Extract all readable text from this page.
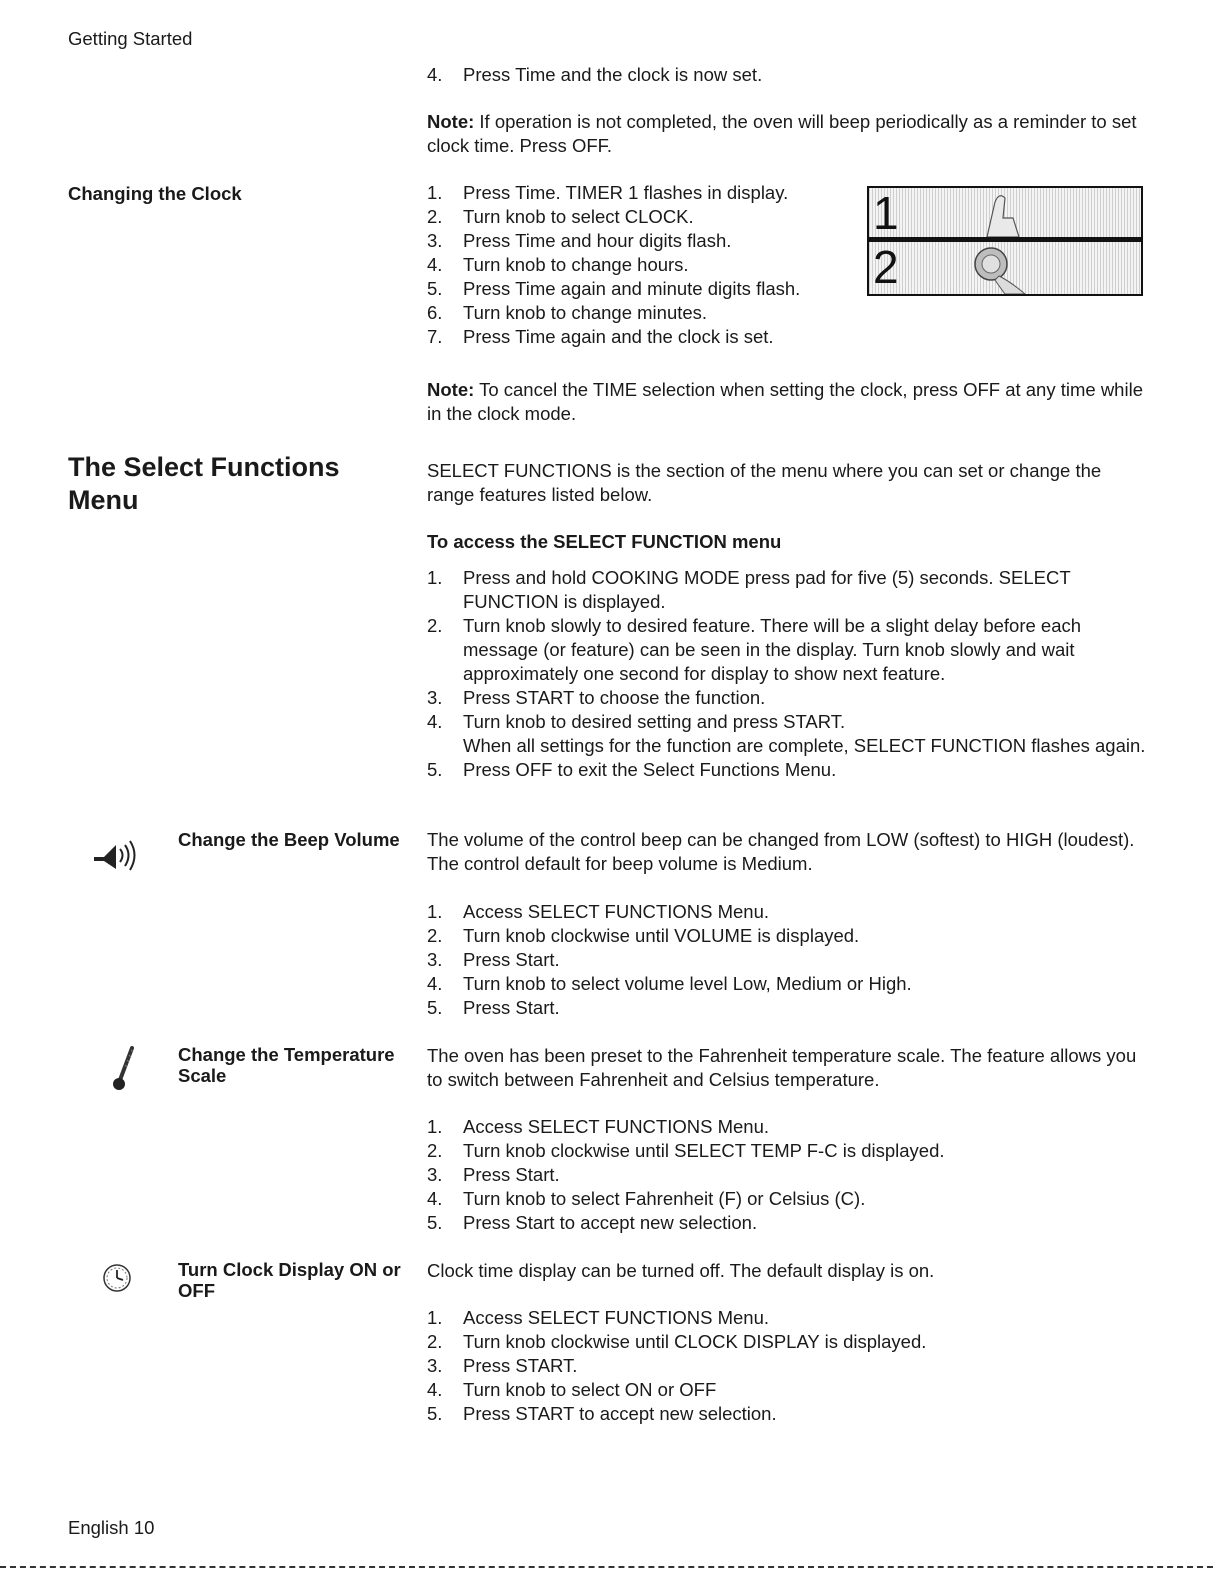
Getting Started
4. Press Time and the clock is now set.
Note: If operation is not completed, the oven will beep periodically as a reminder to set clock time. Press OFF.
Changing the Clock	1. Press Time. TIMER 1 flashes in display.
2. Turn knob to select CLOCK.
3. Press Time and hour digits flash.
4. Turn knob to change hours.
5. Press Time again and minute digits flash.
6. Turn knob to change minutes.
7. Press Time again and the clock is set.
1
2
Note: To cancel the TIME selection when setting the clock, press OFF at any time while in the clock mode.
The Select Functions
Menu
SELECT FUNCTIONS is the section of the menu where you can set or change the range features listed below.
To access the SELECT FUNCTION menu
1. Press and hold COOKING MODE press pad for five (5) seconds. SELECT FUNCTION is displayed.
2. Turn knob slowly to desired feature. There will be a slight delay before each message (or feature) can be seen in the display. Turn knob slowly and wait approximately one second for display to show next feature.
3. Press START to choose the function.
4. Turn knob to desired setting and press START.
When all settings for the function are complete, SELECT FUNCTION flashes again.
5. Press OFF to exit the Select Functions Menu.
Change the Beep Volume The volume of the control beep can be changed from LOW (softest) to HIGH (loudest). The control default for beep volume is Medium.
1. Access SELECT FUNCTIONS Menu.
2. Turn knob clockwise until VOLUME is displayed.
3. Press Start.
4. Turn knob to select volume level Low, Medium or High.
5. Press Start.
Change the Temperature
Scale
The oven has been preset to the Fahrenheit temperature scale. The feature allows you to switch between Fahrenheit and Celsius temperature.
1. Access SELECT FUNCTIONS Menu.
2. Turn knob clockwise until SELECT TEMP F-C is displayed.
3. Press Start.
4. Turn knob to select Fahrenheit (F) or Celsius (C).
5. Press Start to accept new selection.
Turn Clock Display ON or
OFF
Clock time display can be turned off. The default display is on.
1. Access SELECT FUNCTIONS Menu.
2. Turn knob clockwise until CLOCK DISPLAY is displayed.
3. Press START.
4. Turn knob to select ON or OFF
5. Press START to accept new selection.
English 10
